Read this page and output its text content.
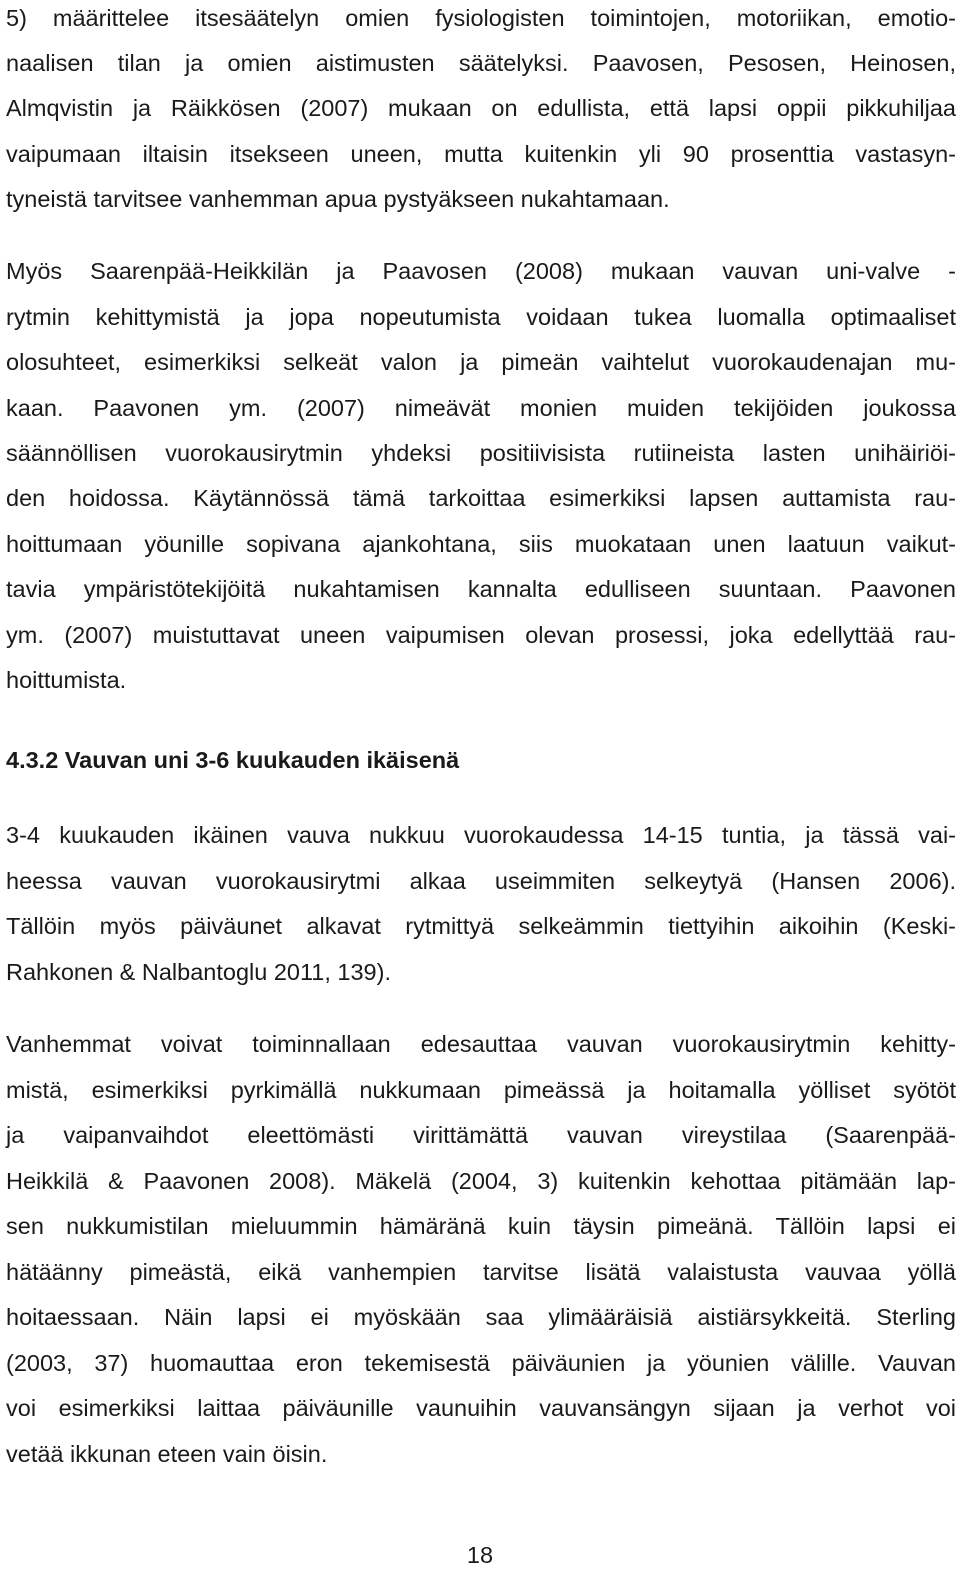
5) määrittelee itsesäätelyn omien fysiologisten toimintojen, motoriikan, emotio-
naalisen tilan ja omien aistimusten säätelyksi. Paavosen, Pesosen, Heinosen,
Almqvistin ja Räikkösen (2007) mukaan on edullista, että lapsi oppii pikkuhiljaa
vaipumaan iltaisin itsekseen uneen, mutta kuitenkin yli 90 prosenttia vastasyn-
tyneistä tarvitsee vanhemman apua pystyäkseen nukahtamaan.
Myös Saarenpää-Heikkilän ja Paavosen (2008) mukaan vauvan uni-valve -
rytmin kehittymistä ja jopa nopeutumista voidaan tukea luomalla optimaaliset
olosuhteet, esimerkiksi selkeät valon ja pimeän vaihtelut vuorokaudenajan mu-
kaan. Paavonen ym. (2007) nimeävät monien muiden tekijöiden joukossa
säännöllisen vuorokausirytmin yhdeksi positiivisista rutiineista lasten unihäiriöi-
den hoidossa. Käytännössä tämä tarkoittaa esimerkiksi lapsen auttamista rau-
hoittumaan yöunille sopivana ajankohtana, siis muokataan unen laatuun vaikut-
tavia ympäristötekijöitä nukahtamisen kannalta edulliseen suuntaan. Paavonen
ym. (2007) muistuttavat uneen vaipumisen olevan prosessi, joka edellyttää rau-
hoittumista.
4.3.2 Vauvan uni 3-6 kuukauden ikäisenä
3-4 kuukauden ikäinen vauva nukkuu vuorokaudessa 14-15 tuntia, ja tässä vai-
heessa vauvan vuorokausirytmi alkaa useimmiten selkeytyä (Hansen 2006).
Tällöin myös päiväunet alkavat rytmittyä selkeämmin tiettyihin aikoihin (Keski-
Rahkonen & Nalbantoglu 2011, 139).
Vanhemmat voivat toiminnallaan edesauttaa vauvan vuorokausirytmin kehitty-
mistä, esimerkiksi pyrkimällä nukkumaan pimeässä ja hoitamalla yölliset syötöt
ja vaipanvaihdot eleettömästi virittämättä vauvan vireystilaa (Saarenpää-
Heikkilä & Paavonen 2008). Mäkelä (2004, 3) kuitenkin kehottaa pitämään lap-
sen nukkumistilan mieluummin hämäränä kuin täysin pimeänä. Tällöin lapsi ei
hätäänny pimeästä, eikä vanhempien tarvitse lisätä valaistusta vauvaa yöllä
hoitaessaan. Näin lapsi ei myöskään saa ylimääräisiä aistiärsykkeitä. Sterling
(2003, 37) huomauttaa eron tekemisestä päiväunien ja yöunien välille. Vauvan
voi esimerkiksi laittaa päiväunille vaunuihin vauvansängyn sijaan ja verhot voi
vetää ikkunan eteen vain öisin.
18
